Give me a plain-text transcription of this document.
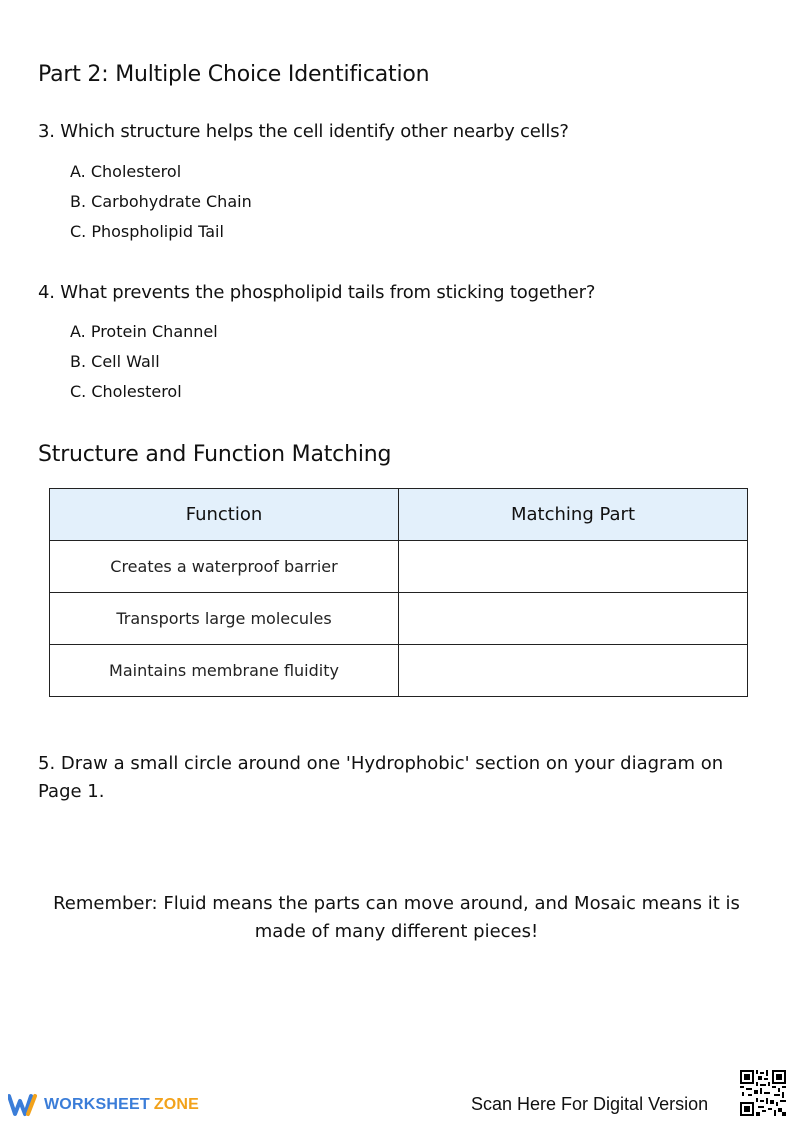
Part 2: Multiple Choice Identification

3. Which structure helps the cell identify other nearby cells?

A. Cholesterol
B. Carbohydrate Chain
C. Phospholipid Tail

4. What prevents the phospholipid tails from sticking together?

A. Protein Channel
B. Cell Wall
C. Cholesterol
Structure and Function Matching
Function	Matching Part
Creates a waterproof barrier	
Transports large molecules	
Maintains membrane fluidity	

5. Draw a small circle around one 'Hydrophobic' section on your diagram on Page 1.

Remember: Fluid means the parts can move around, and Mosaic means it is made of many different pieces!

WORKSHEET ZONE	Scan Here For Digital Version
